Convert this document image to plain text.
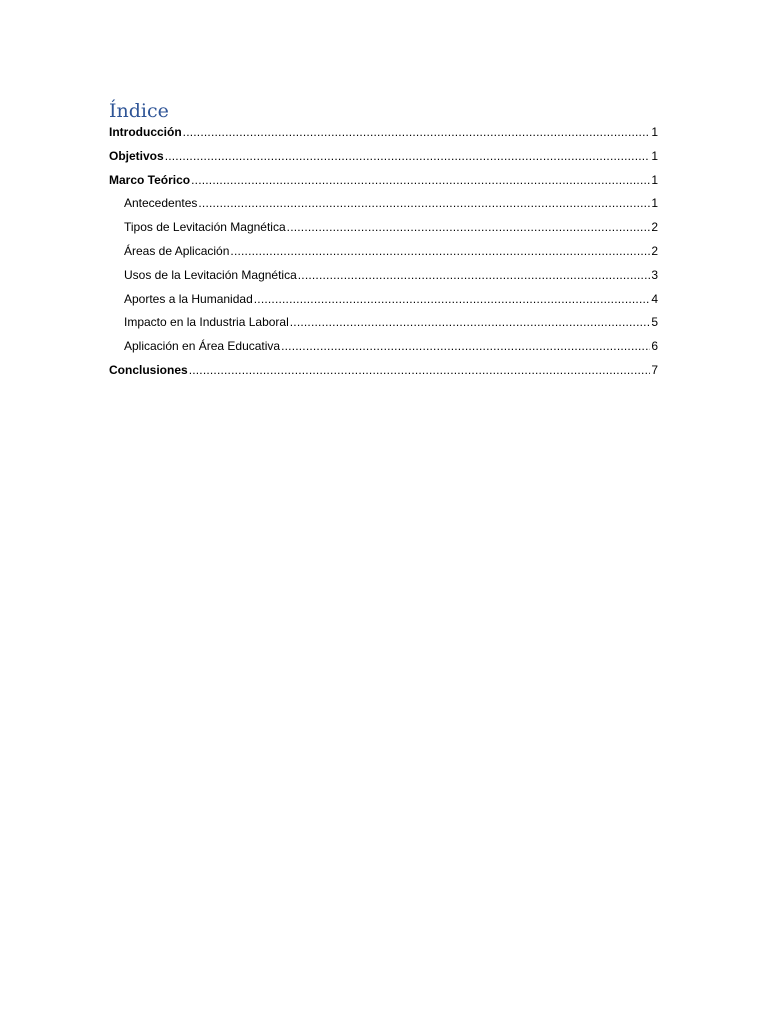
Índice
Introducción .....	1
Objetivos .....	1
Marco Teórico .....	1
Antecedentes .....	1
Tipos de Levitación Magnética .....	2
Áreas de Aplicación .....	2
Usos de la Levitación Magnética .....	3
Aportes a la Humanidad .....	4
Impacto en la Industria Laboral .....	5
Aplicación en Área Educativa .....	6
Conclusiones .....	7
